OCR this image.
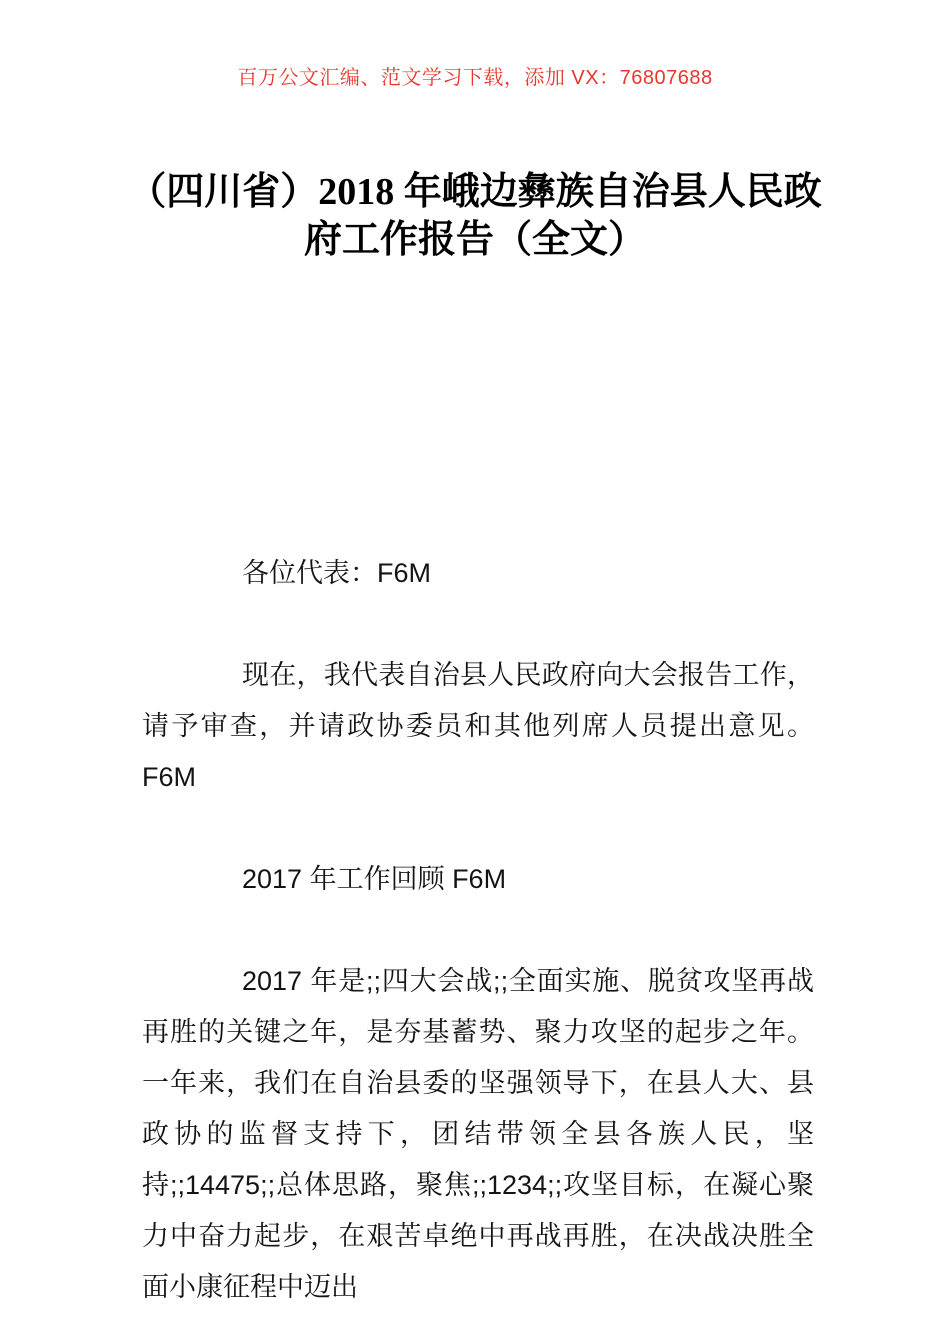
百万公文汇编、范文学习下载，添加 VX：76807688
（四川省）2018 年峨边彝族自治县人民政府工作报告（全文）

各位代表：F6M

现在，我代表自治县人民政府向大会报告工作，请予审查，并请政协委员和其他列席人员提出意见。F6M

2017 年工作回顾 F6M

2017 年是;;四大会战;;全面实施、脱贫攻坚再战再胜的关键之年，是夯基蓄势、聚力攻坚的起步之年。一年来，我们在自治县委的坚强领导下，在县人大、县政协的监督支持下，团结带领全县各族人民，坚持;;14475;;总体思路，聚焦;;1234;;攻坚目标，在凝心聚力中奋力起步，在艰苦卓绝中再战再胜，在决战决胜全面小康征程中迈出
